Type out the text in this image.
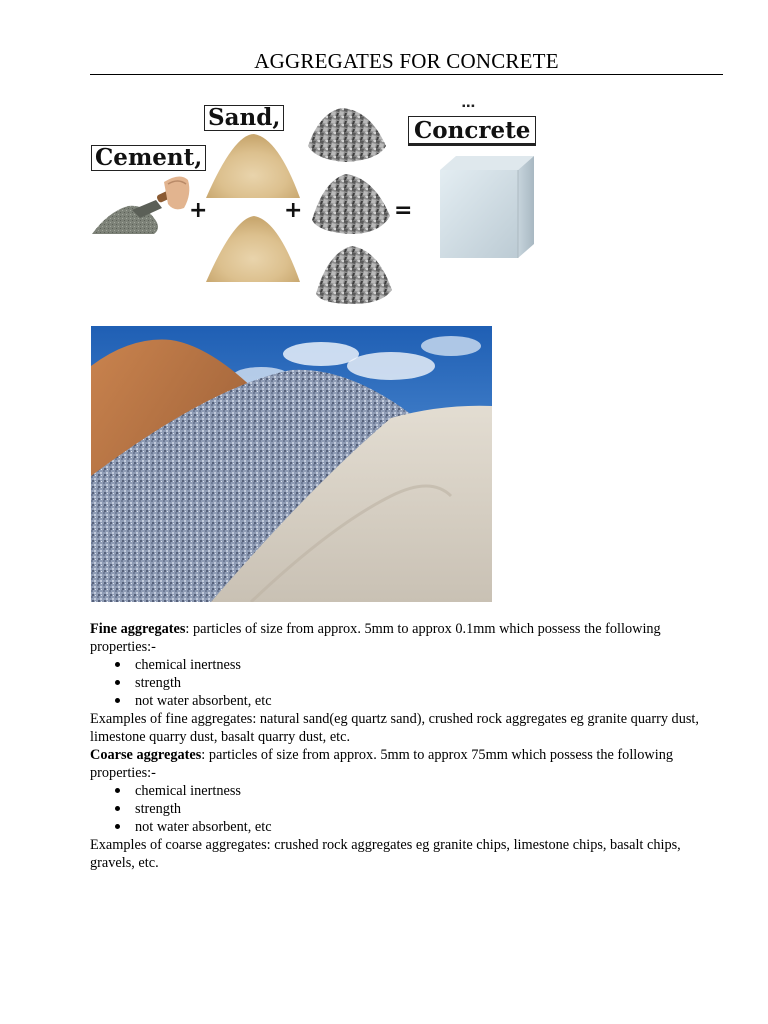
AGGREGATES FOR CONCRETE
Sand,
Cement,
▪▪▪
Concrete
+	+	=

Fine aggregates: particles of size from approx. 5mm to approx 0.1mm which possess the following properties:-

chemical inertness
strength
not water absorbent, etc

Examples of fine aggregates: natural sand(eg quartz sand), crushed rock aggregates eg granite quarry dust, limestone quarry dust, basalt quarry dust, etc.

Coarse aggregates: particles of size from approx. 5mm to approx 75mm which possess the following properties:-

chemical inertness
strength
not water absorbent, etc

Examples of coarse aggregates: crushed rock aggregates eg granite chips, limestone chips, basalt chips, gravels, etc.
